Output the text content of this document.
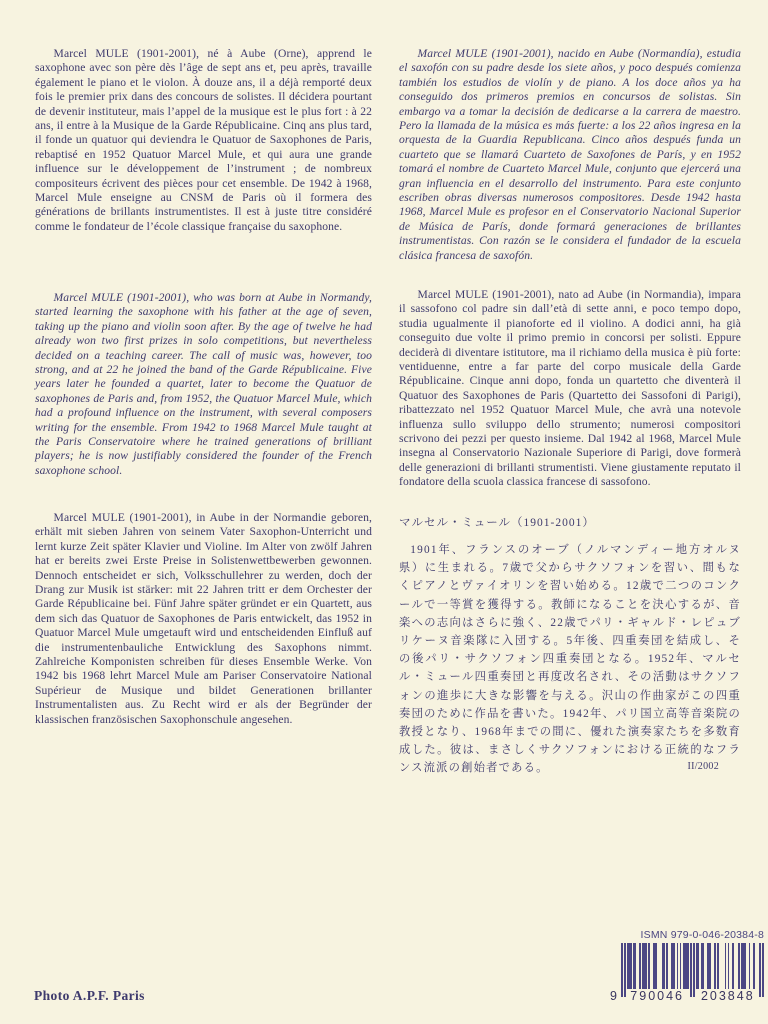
Marcel MULE (1901-2001), né à Aube (Orne), apprend le saxophone avec son père dès l’âge de sept ans et, peu après, travaille également le piano et le violon. À douze ans, il a déjà remporté deux fois le premier prix dans des concours de solistes. Il décidera pourtant de devenir instituteur, mais l’appel de la musique est le plus fort : à 22 ans, il entre à la Musique de la Garde Républicaine. Cinq ans plus tard, il fonde un quatuor qui deviendra le Quatuor de Saxophones de Paris, rebaptisé en 1952 Quatuor Marcel Mule, et qui aura une grande influence sur le développement de l’instrument ; de nombreux compositeurs écrivent des pièces pour cet ensemble. De 1942 à 1968, Marcel Mule enseigne au CNSM de Paris où il formera des générations de brillants instrumentistes. Il est à juste titre considéré comme le fondateur de l’école classique française du saxophone.

Marcel MULE (1901-2001), nacido en Aube (Normandía), estudia el saxofón con su padre desde los siete años, y poco después comienza también los estudios de violín y de piano. A los doce años ya ha conseguido dos primeros premios en concursos de solistas. Sin embargo va a tomar la decisión de dedicarse a la carrera de maestro. Pero la llamada de la música es más fuerte: a los 22 años ingresa en la orquesta de la Guardia Republicana. Cinco años después funda un cuarteto que se llamará Cuarteto de Saxofones de París, y en 1952 tomará el nombre de Cuarteto Marcel Mule, conjunto que ejercerá una gran influencia en el desarrollo del instrumento. Para este conjunto escriben obras diversas numerosos compositores. Desde 1942 hasta 1968, Marcel Mule es profesor en el Conservatorio Nacional Superior de Música de París, donde formará generaciones de brillantes instrumentistas. Con razón se le considera el fundador de la escuela clásica francesa de saxofón.

Marcel MULE (1901-2001), who was born at Aube in Normandy, started learning the saxophone with his father at the age of seven, taking up the piano and violin soon after. By the age of twelve he had already won two first prizes in solo competitions, but nevertheless decided on a teaching career. The call of music was, however, too strong, and at 22 he joined the band of the Garde Républicaine. Five years later he founded a quartet, later to become the Quatuor de saxophones de Paris and, from 1952, the Quatuor Marcel Mule, which had a profound influence on the instrument, with several composers writing for the ensemble. From 1942 to 1968 Marcel Mule taught at the Paris Conservatoire where he trained generations of brilliant players; he is now justifiably considered the founder of the French saxophone school.

Marcel MULE (1901-2001), nato ad Aube (in Normandia), impara il sassofono col padre sin dall’età di sette anni, e poco tempo dopo, studia ugualmente il pianoforte ed il violino. A dodici anni, ha già conseguito due volte il primo premio in concorsi per solisti. Eppure deciderà di diventare istitutore, ma il richiamo della musica è più forte: ventiduenne, entre a far parte del corpo musicale della Garde Républicaine. Cinque anni dopo, fonda un quartetto che diventerà il Quatuor des Saxophones de Paris (Quartetto dei Sassofoni di Parigi), ribattezzato nel 1952 Quatuor Marcel Mule, che avrà una notevole influenza sullo sviluppo dello strumento; numerosi compositori scrivono dei pezzi per questo insieme. Dal 1942 al 1968, Marcel Mule insegna al Conservatorio Nazionale Superiore di Parigi, dove formerà delle generazioni di brillanti strumentisti. Viene giustamente reputato il fondatore della scuola classica francese di sassofono.

Marcel MULE (1901-2001), in Aube in der Normandie geboren, erhält mit sieben Jahren von seinem Vater Saxophon-Unterricht und lernt kurze Zeit später Klavier und Violine. Im Alter von zwölf Jahren hat er bereits zwei Erste Preise in Solistenwettbewerben gewonnen. Dennoch entscheidet er sich, Volksschullehrer zu werden, doch der Drang zur Musik ist stärker: mit 22 Jahren tritt er dem Orchester der Garde Républicaine bei. Fünf Jahre später gründet er ein Quartett, aus dem sich das Quatuor de Saxophones de Paris entwickelt, das 1952 in Quatuor Marcel Mule umgetauft wird und entscheidenden Einfluß auf die instrumentenbauliche Entwicklung des Saxophons nimmt. Zahlreiche Komponisten schreiben für dieses Ensemble Werke. Von 1942 bis 1968 lehrt Marcel Mule am Pariser Conservatoire National Supérieur de Musique und bildet Generationen brillanter Instrumentalisten aus. Zu Recht wird er als der Begründer der klassischen französischen Saxophonschule angesehen.

マルセル・ミュール（1901-2001）

1901年、フランスのオーブ（ノルマンディー地方オルヌ県）に生まれる。7歳で父からサクソフォンを習い、間もなくピアノとヴァイオリンを習い始める。12歳で二つのコンクールで一等賞を獲得する。教師になることを決心するが、音楽への志向はさらに強く、22歳でパリ・ギャルド・レピュブリケーヌ音楽隊に入団する。5年後、四重奏団を結成し、その後パリ・サクソフォン四重奏団となる。1952年、マルセル・ミュール四重奏団と再度改名され、その活動はサクソフォンの進歩に大きな影響を与える。沢山の作曲家がこの四重奏団のために作品を書いた。1942年、パリ国立高等音楽院の教授となり、1968年までの間に、優れた演奏家たちを多数育成した。彼は、まさしくサクソフォンにおける正統的なフランス流派の創始者である。	II/2002
Photo A.P.F. Paris
ISMN 979-0-046-20384-8
9	790046	203848
